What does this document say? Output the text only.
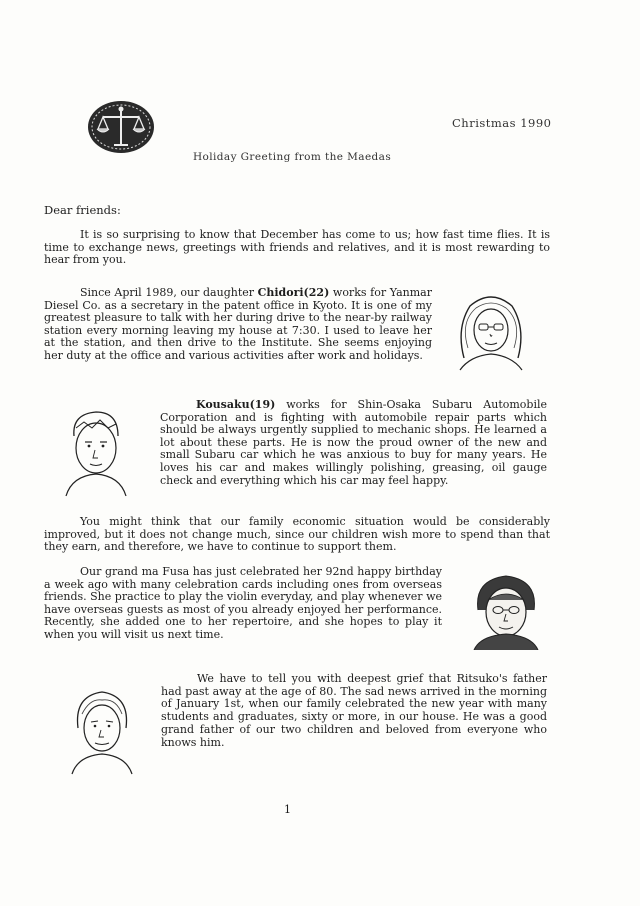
Christmas 1990
Holiday Greeting from the Maedas
Dear friends:

It is so surprising to know that December has come to us; how fast time flies. It is time to exchange news, greetings with friends and relatives, and it is most rewarding to hear from you.

Since April 1989, our daughter Chidori(22) works for Yanmar Diesel Co. as a secretary in the patent office in Kyoto. It is one of my greatest pleasure to talk with her during drive to the near-by railway station every morning leaving my house at 7:30. I used to leave her at the station, and then drive to the Institute. She seems enjoying her duty at the office and various activities after work and holidays.

Kousaku(19) works for Shin-Osaka Subaru Automobile Corporation and is fighting with automobile repair parts which should be always urgently supplied to mechanic shops. He learned a lot about these parts. He is now the proud owner of the new and small Subaru car which he was anxious to buy for many years. He loves his car and makes willingly polishing, greasing, oil gauge check and everything which his car may feel happy.

You might think that our family economic situation would be considerably improved, but it does not change much, since our children wish more to spend than that they earn, and therefore, we have to continue to support them.

Our grand ma Fusa has just celebrated her 92nd happy birthday a week ago with many celebration cards including ones from overseas friends. She practice to play the violin everyday, and play whenever we have overseas guests as most of you already enjoyed her performance. Recently, she added one to her repertoire, and she hopes to play it when you will visit us next time.

We have to tell you with deepest grief that Ritsuko's father had past away at the age of 80. The sad news arrived in the morning of January 1st, when our family celebrated the new year with many students and graduates, sixty or more, in our house. He was a good grand father of our two children and beloved from everyone who knows him.

1
